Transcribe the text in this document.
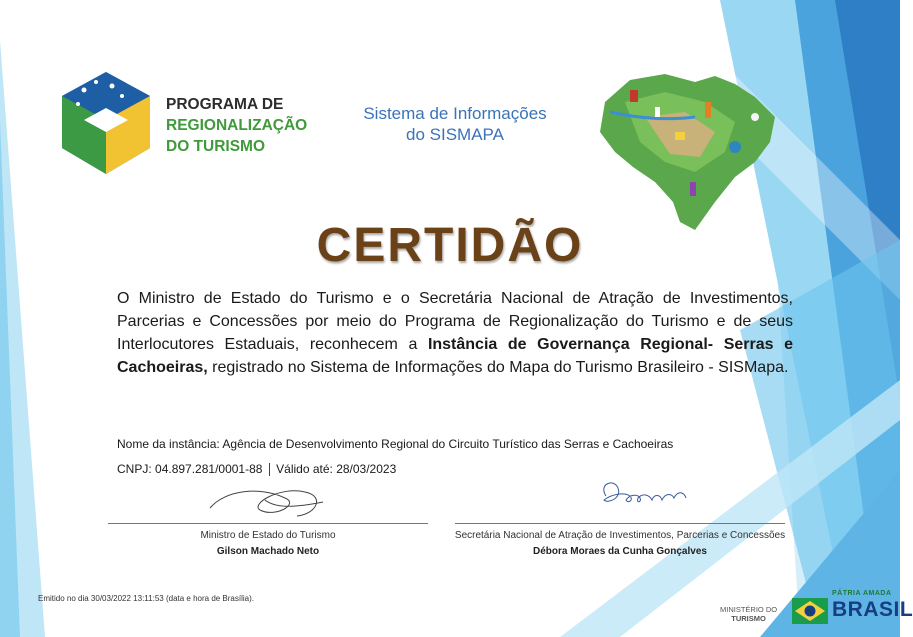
PROGRAMA DE
REGIONALIZAÇÃO
DO TURISMO
Sistema de Informações
do SISMAPA
CERTIDÃO
O Ministro de Estado do Turismo e o Secretária Nacional de Atração de Investimentos, Parcerias e Concessões por meio do Programa de Regionalização do Turismo e de seus Interlocutores Estaduais, reconhecem a Instância de Governança Regional- Serras e Cachoeiras, registrado no Sistema de Informações do Mapa do Turismo Brasileiro - SISMapa.
Nome da instância: Agência de Desenvolvimento Regional do Circuito Turístico das Serras e Cachoeiras
CNPJ: 04.897.281/0001-88 Válido até: 28/03/2023
Ministro de Estado do Turismo
Gilson Machado Neto
Secretária Nacional de Atração de Investimentos, Parcerias e Concessões
Débora Moraes da Cunha Gonçalves
Emitido no dia 30/03/2022 13:11:53 (data e hora de Brasília).
MINISTÉRIO DO
TURISMO
PÁTRIA AMADA
BRASIL
